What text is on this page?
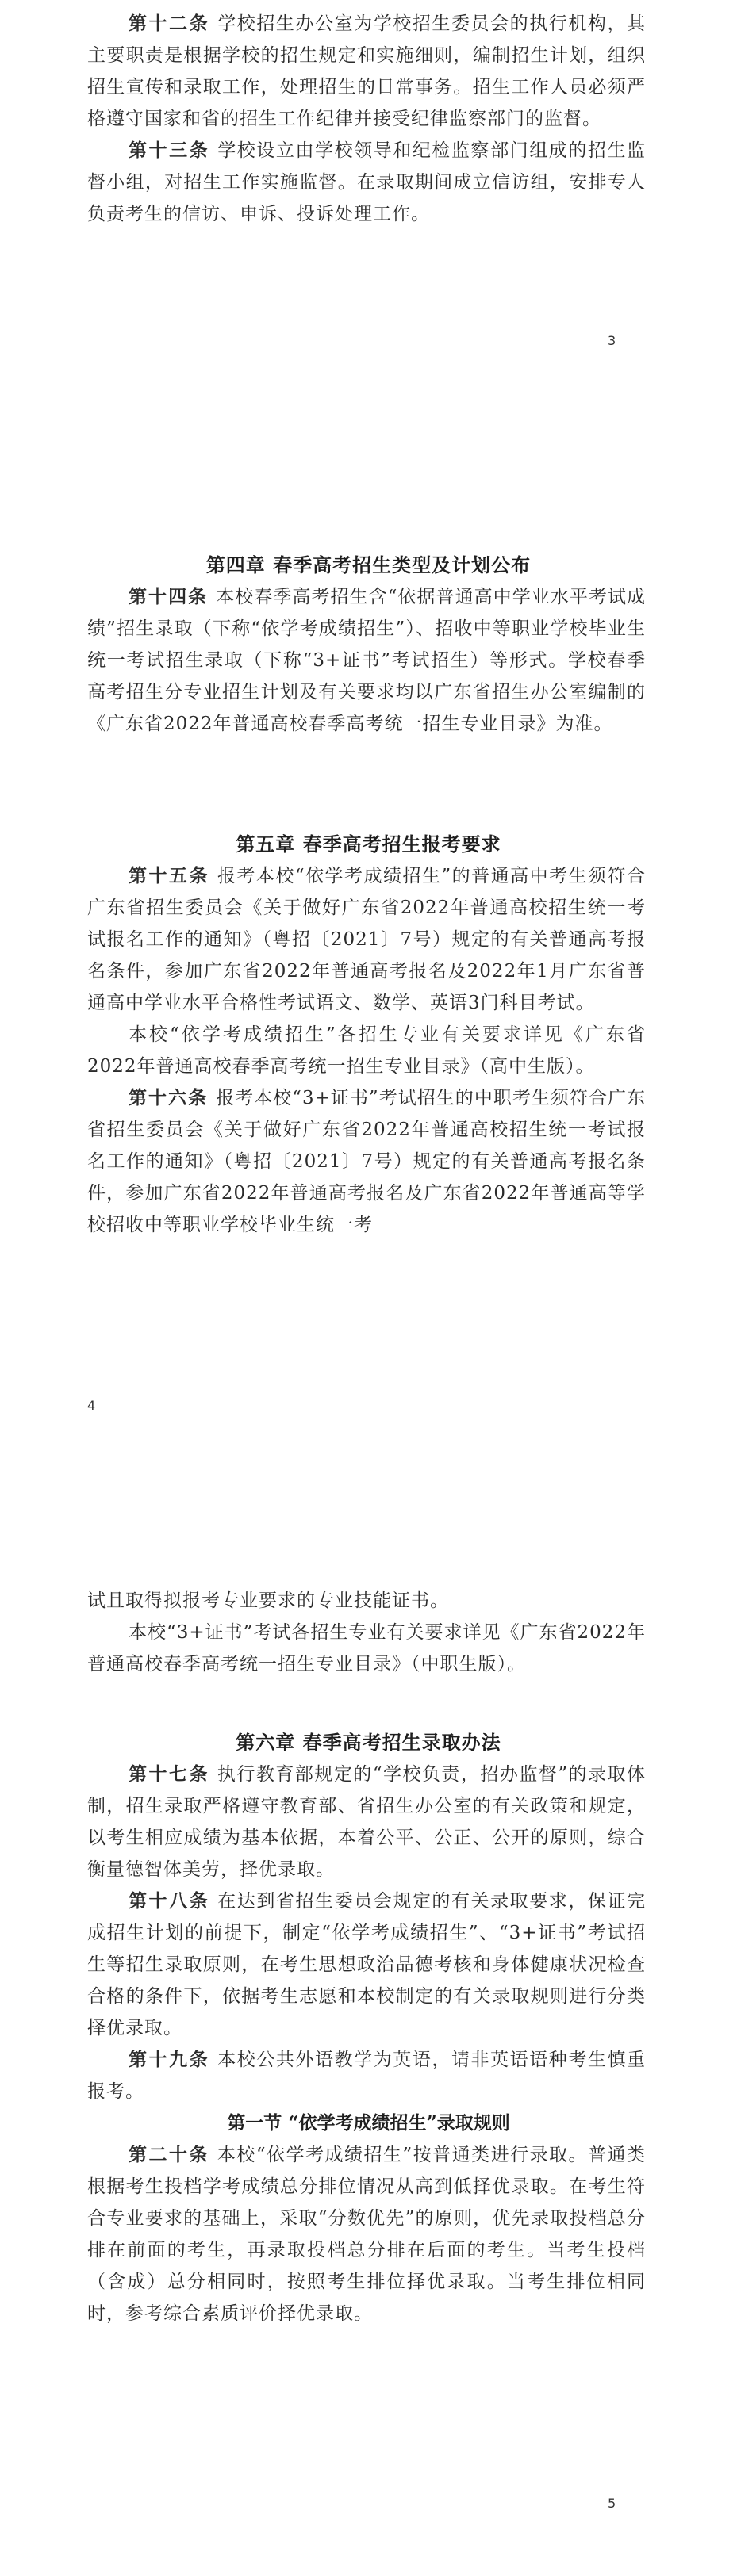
第十二条 学校招生办公室为学校招生委员会的执行机构，其主要职责是根据学校的招生规定和实施细则，编制招生计划，组织招生宣传和录取工作，处理招生的日常事务。招生工作人员必须严格遵守国家和省的招生工作纪律并接受纪律监察部门的监督。

第十三条 学校设立由学校领导和纪检监察部门组成的招生监督小组，对招生工作实施监督。在录取期间成立信访组，安排专人负责考生的信访、申诉、投诉处理工作。

3

第四章 春季高考招生类型及计划公布

第十四条 本校春季高考招生含“依据普通高中学业水平考试成绩”招生录取（下称“依学考成绩招生”）、招收中等职业学校毕业生统一考试招生录取（下称“3+证书”考试招生）等形式。学校春季高考招生分专业招生计划及有关要求均以广东省招生办公室编制的《广东省2022年普通高校春季高考统一招生专业目录》为准。

第五章 春季高考招生报考要求

第十五条 报考本校“依学考成绩招生”的普通高中考生须符合广东省招生委员会《关于做好广东省2022年普通高校招生统一考试报名工作的通知》（粤招〔2021〕7号）规定的有关普通高考报名条件，参加广东省2022年普通高考报名及2022年1月广东省普通高中学业水平合格性考试语文、数学、英语3门科目考试。

本校“依学考成绩招生”各招生专业有关要求详见《广东省2022年普通高校春季高考统一招生专业目录》（高中生版）。

第十六条 报考本校“3+证书”考试招生的中职考生须符合广东省招生委员会《关于做好广东省2022年普通高校招生统一考试报名工作的通知》（粤招〔2021〕7号）规定的有关普通高考报名条件，参加广东省2022年普通高考报名及广东省2022年普通高等学校招收中等职业学校毕业生统一考

4

试且取得拟报考专业要求的专业技能证书。

本校“3+证书”考试各招生专业有关要求详见《广东省2022年普通高校春季高考统一招生专业目录》（中职生版）。

第六章 春季高考招生录取办法

第十七条 执行教育部规定的“学校负责，招办监督”的录取体制，招生录取严格遵守教育部、省招生办公室的有关政策和规定，以考生相应成绩为基本依据，本着公平、公正、公开的原则，综合衡量德智体美劳，择优录取。

第十八条 在达到省招生委员会规定的有关录取要求，保证完成招生计划的前提下，制定“依学考成绩招生”、“3+证书”考试招生等招生录取原则，在考生思想政治品德考核和身体健康状况检查合格的条件下，依据考生志愿和本校制定的有关录取规则进行分类择优录取。

第十九条 本校公共外语教学为英语，请非英语语种考生慎重报考。

第一节 “依学考成绩招生”录取规则

第二十条 本校“依学考成绩招生”按普通类进行录取。普通类根据考生投档学考成绩总分排位情况从高到低择优录取。在考生符合专业要求的基础上，采取“分数优先”的原则，优先录取投档总分排在前面的考生，再录取投档总分排在后面的考生。当考生投档（含成）总分相同时，按照考生排位择优录取。当考生排位相同时，参考综合素质评价择优录取。

5
